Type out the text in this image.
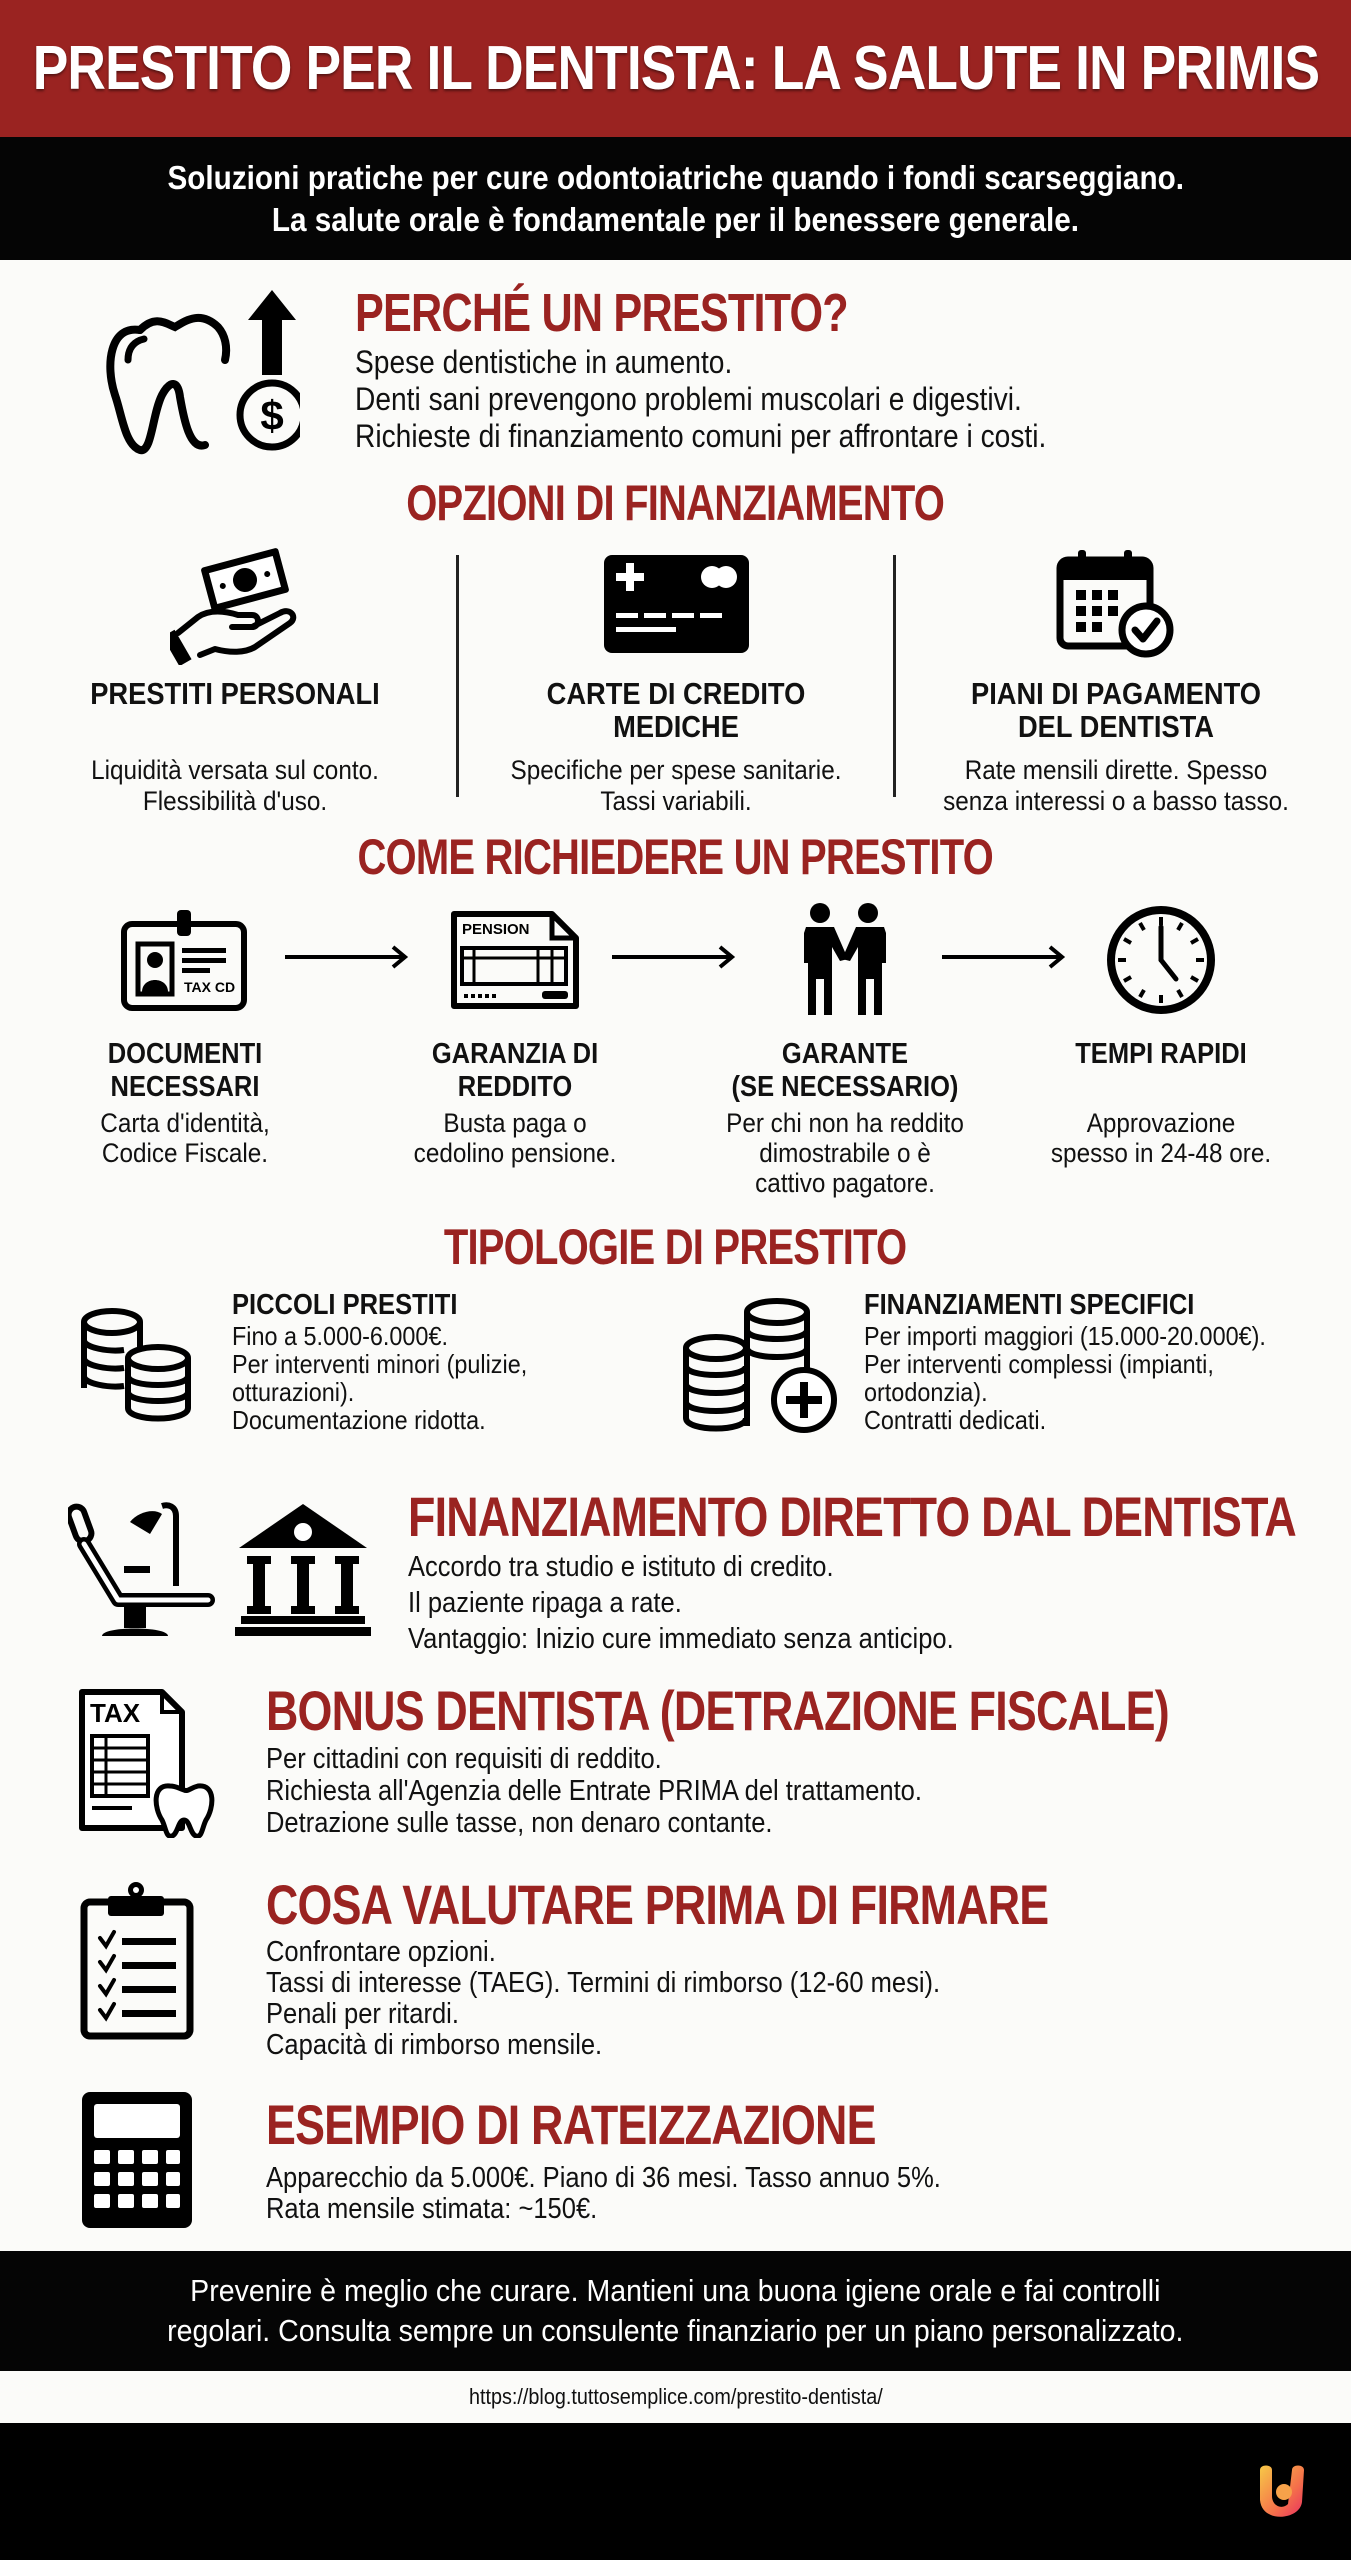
PRESTITO PER IL DENTISTA: LA SALUTE IN PRIMIS

Soluzioni pratiche per cure odontoiatriche quando i fondi scarseggiano.

La salute orale è fondamentale per il benessere generale.

$
PERCHÉ UN PRESTITO?
Spese dentistiche in aumento.
Denti sani prevengono problemi muscolari e digestivi.
Richieste di finanziamento comuni per affrontare i costi.
OPZIONI DI FINANZIAMENTO
PRESTITI PERSONALI

Liquidità versata sul conto.

Flessibilità d'uso.

CARTE DI CREDITO
MEDICHE

Specifiche per spese sanitarie.

Tassi variabili.

PIANI DI PAGAMENTO
DEL DENTISTA

Rate mensili dirette. Spesso

senza interessi o a basso tasso.

COME RICHIEDERE UN PRESTITO
TAX CD
DOCUMENTI
NECESSARI

Carta d'identità,

Codice Fiscale.

PENSION
GARANZIA DI
REDDITO

Busta paga o

cedolino pensione.

GARANTE
(SE NECESSARIO)

Per chi non ha reddito

dimostrabile o è

cattivo pagatore.

TEMPI RAPIDI

Approvazione

spesso in 24-48 ore.

TIPOLOGIE DI PRESTITO
PICCOLI PRESTITI

Fino a 5.000-6.000€.

Per interventi minori (pulizie,

otturazioni).

Documentazione ridotta.

FINANZIAMENTI SPECIFICI

Per importi maggiori (15.000-20.000€).

Per interventi complessi (impianti,

ortodonzia).

Contratti dedicati.

FINANZIAMENTO DIRETTO DAL DENTISTA
Accordo tra studio e istituto di credito.
Il paziente ripaga a rate.
Vantaggio: Inizio cure immediato senza anticipo.
TAX BONUS DENTISTA (DETRAZIONE FISCALE)
Per cittadini con requisiti di reddito.
Richiesta all'Agenzia delle Entrate PRIMA del trattamento.
Detrazione sulle tasse, non denaro contante.
COSA VALUTARE PRIMA DI FIRMARE
Confrontare opzioni.
Tassi di interesse (TAEG). Termini di rimborso (12-60 mesi).
Penali per ritardi.
Capacità di rimborso mensile.
ESEMPIO DI RATEIZZAZIONE
Apparecchio da 5.000€. Piano di 36 mesi. Tasso annuo 5%.
Rata mensile stimata: ~150€.

Prevenire è meglio che curare. Mantieni una buona igiene orale e fai controlli

regolari. Consulta sempre un consulente finanziario per un piano personalizzato.

https://blog.tuttosemplice.com/prestito-dentista/
